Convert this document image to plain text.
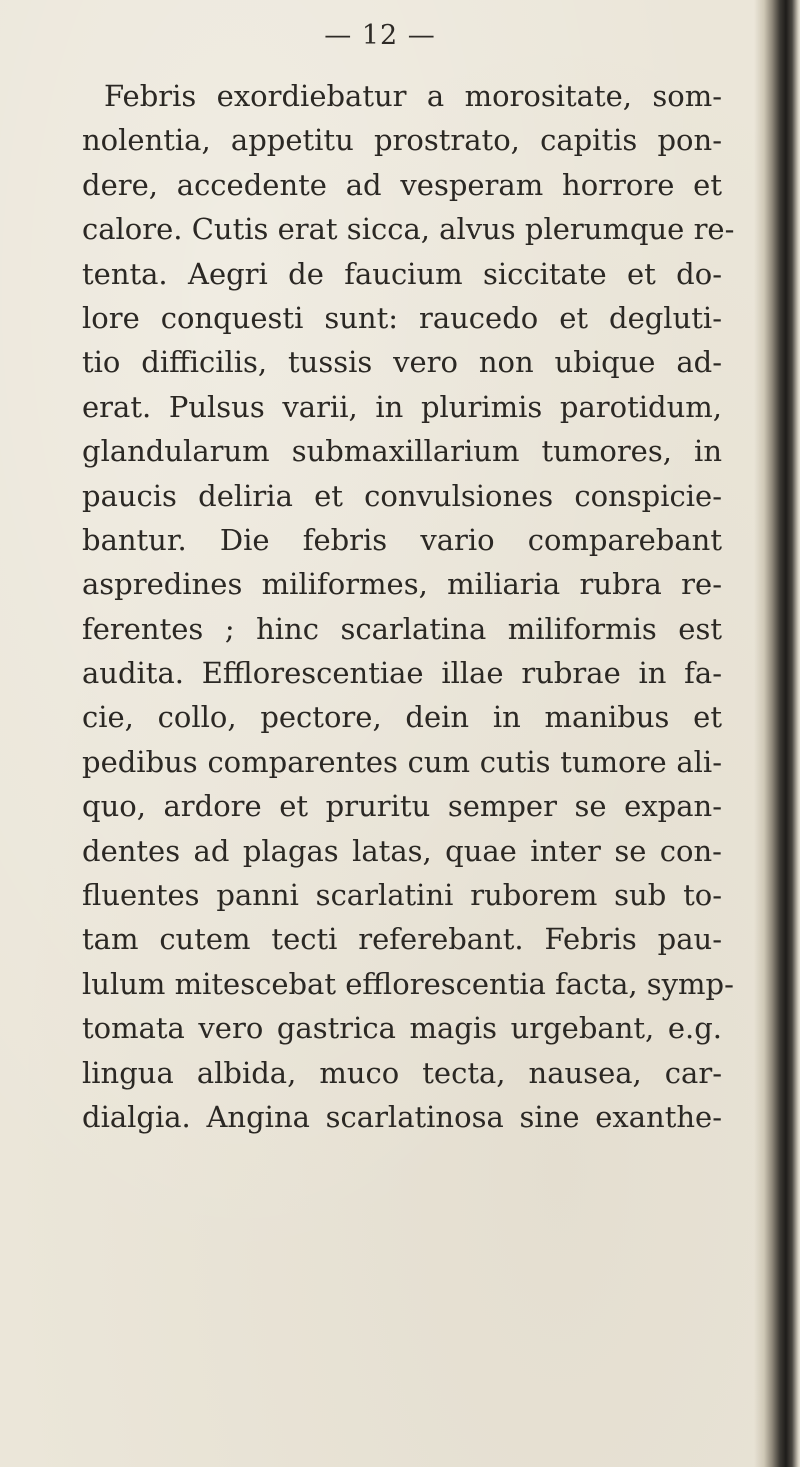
— 12 —
Febris exordiebatur a morositate, som-
nolentia, appetitu prostrato, capitis pon-
dere, accedente ad vesperam horrore et
calore. Cutis erat sicca, alvus plerumque re-
tenta. Aegri de faucium siccitate et do-
lore conquesti sunt: raucedo et degluti-
tio difficilis, tussis vero non ubique ad-
erat. Pulsus varii, in plurimis parotidum,
glandularum submaxillarium tumores, in
paucis deliria et convulsiones conspicie-
bantur. Die febris vario comparebant
aspredines miliformes, miliaria rubra re-
ferentes ; hinc scarlatina miliformis est
audita. Efflorescentiae illae rubrae in fa-
cie, collo, pectore, dein in manibus et
pedibus comparentes cum cutis tumore ali-
quo, ardore et pruritu semper se expan-
dentes ad plagas latas, quae inter se con-
fluentes panni scarlatini ruborem sub to-
tam cutem tecti referebant. Febris pau-
lulum mitescebat efflorescentia facta, symp-
tomata vero gastrica magis urgebant, e.g.
lingua albida, muco tecta, nausea, car-
dialgia. Angina scarlatinosa sine exanthe-
